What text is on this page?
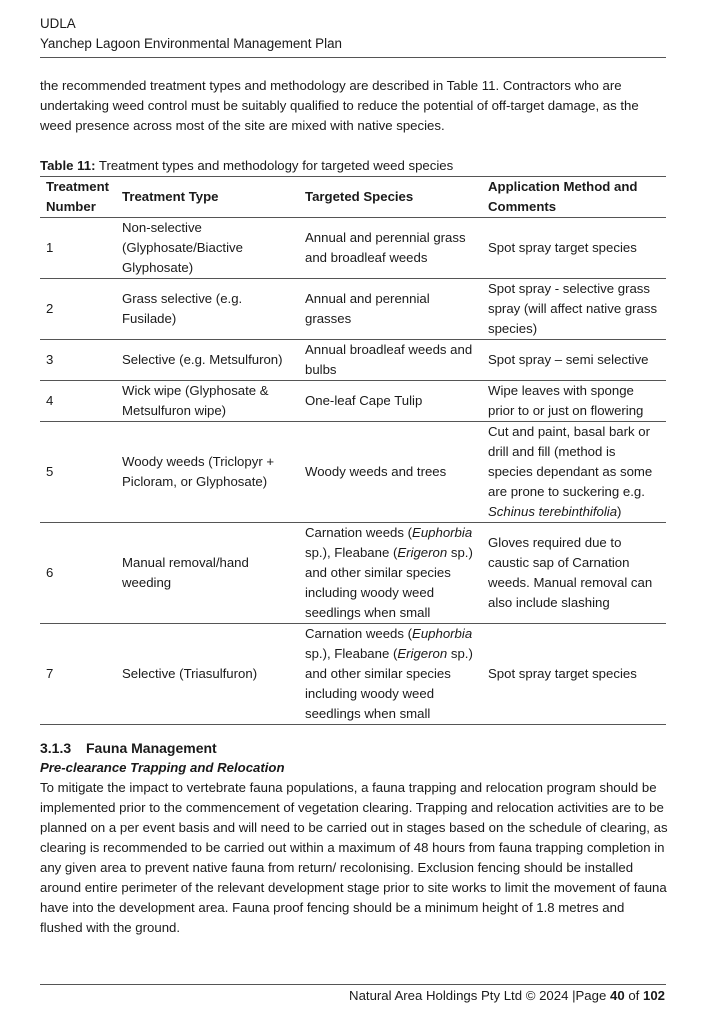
UDLA
Yanchep Lagoon Environmental Management Plan
the recommended treatment types and methodology are described in Table 11. Contractors who are undertaking weed control must be suitably qualified to reduce the potential of off-target damage, as the weed presence across most of the site are mixed with native species.
Table 11: Treatment types and methodology for targeted weed species
Treatment Number	Treatment Type	Targeted Species	Application Method and Comments
1	Non-selective (Glyphosate/Biactive Glyphosate)	Annual and perennial grass and broadleaf weeds	Spot spray target species
2	Grass selective (e.g. Fusilade)	Annual and perennial grasses	Spot spray - selective grass spray (will affect native grass species)
3	Selective (e.g. Metsulfuron)	Annual broadleaf weeds and bulbs	Spot spray – semi selective
4	Wick wipe (Glyphosate & Metsulfuron wipe)	One-leaf Cape Tulip	Wipe leaves with sponge prior to or just on flowering
5	Woody weeds (Triclopyr + Picloram, or Glyphosate)	Woody weeds and trees	Cut and paint, basal bark or drill and fill (method is species dependant as some are prone to suckering e.g. Schinus terebinthifolia)
6	Manual removal/hand weeding	Carnation weeds (Euphorbia sp.), Fleabane (Erigeron sp.) and other similar species including woody weed seedlings when small	Gloves required due to caustic sap of Carnation weeds. Manual removal can also include slashing
7	Selective (Triasulfuron)	Carnation weeds (Euphorbia sp.), Fleabane (Erigeron sp.) and other similar species including woody weed seedlings when small	Spot spray target species
3.1.3 Fauna Management
Pre-clearance Trapping and Relocation

To mitigate the impact to vertebrate fauna populations, a fauna trapping and relocation program should be implemented prior to the commencement of vegetation clearing. Trapping and relocation activities are to be planned on a per event basis and will need to be carried out in stages based on the schedule of clearing, as clearing is recommended to be carried out within a maximum of 48 hours from fauna trapping completion in any given area to prevent native fauna from return/ recolonising. Exclusion fencing should be installed around entire perimeter of the relevant development stage prior to site works to limit the movement of fauna have into the development area. Fauna proof fencing should be a minimum height of 1.8 metres and flushed with the ground.

Natural Area Holdings Pty Ltd © 2024 |Page 40 of 102
